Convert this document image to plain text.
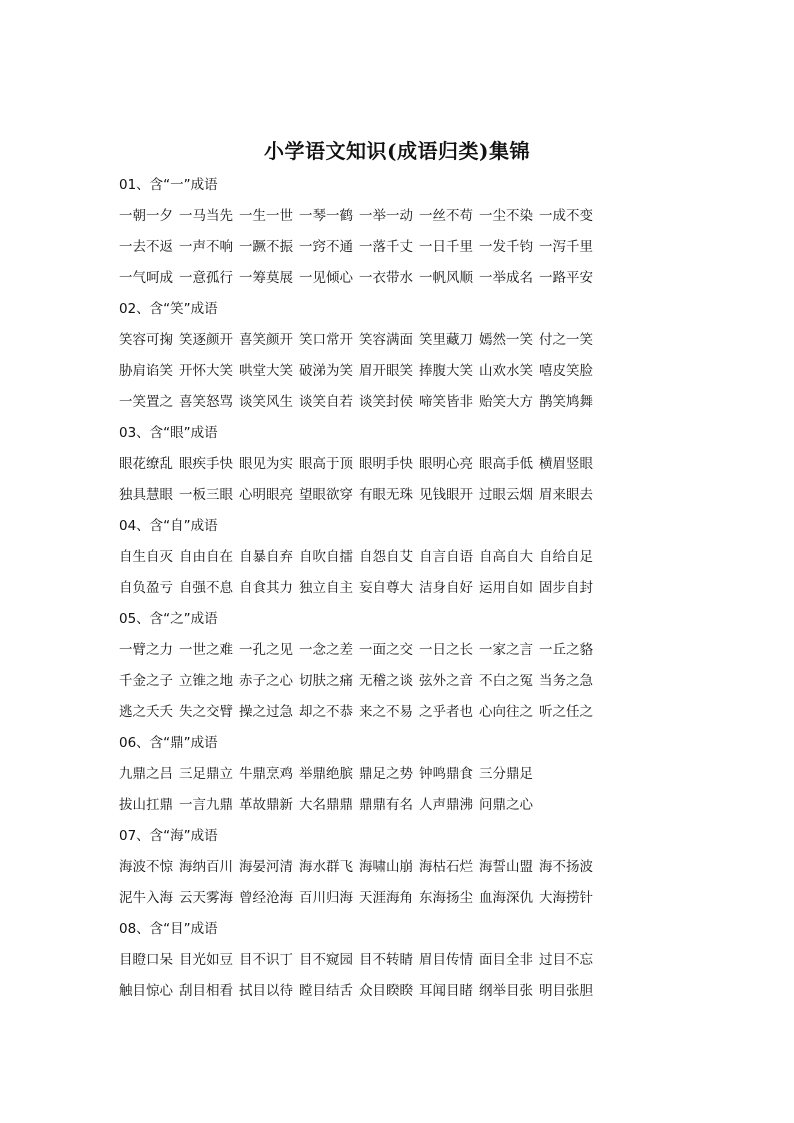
小学语文知识(成语归类)集锦
01、含“一”成语
一朝一夕 一马当先 一生一世 一琴一鹤 一举一动 一丝不苟 一尘不染 一成不变
一去不返 一声不响 一蹶不振 一窍不通 一落千丈 一日千里 一发千钧 一泻千里
一气呵成 一意孤行 一筹莫展 一见倾心 一衣带水 一帆风顺 一举成名 一路平安
02、含“笑”成语
笑容可掬 笑逐颜开 喜笑颜开 笑口常开 笑容满面 笑里藏刀 嫣然一笑 付之一笑
胁肩谄笑 开怀大笑 哄堂大笑 破涕为笑 眉开眼笑 捧腹大笑 山欢水笑 嘻皮笑脸
一笑置之 喜笑怒骂 谈笑风生 谈笑自若 谈笑封侯 啼笑皆非 贻笑大方 鹊笑鸠舞
03、含“眼”成语
眼花缭乱 眼疾手快 眼见为实 眼高于顶 眼明手快 眼明心亮 眼高手低 横眉竖眼
独具慧眼 一板三眼 心明眼亮 望眼欲穿 有眼无珠 见钱眼开 过眼云烟 眉来眼去
04、含“自”成语
自生自灭 自由自在 自暴自弃 自吹自擂 自怨自艾 自言自语 自高自大 自给自足
自负盈亏 自强不息 自食其力 独立自主 妄自尊大 洁身自好 运用自如 固步自封
05、含“之”成语
一臂之力 一世之难 一孔之见 一念之差 一面之交 一日之长 一家之言 一丘之貉
千金之子 立锥之地 赤子之心 切肤之痛 无稽之谈 弦外之音 不白之冤 当务之急
逃之夭夭 失之交臂 操之过急 却之不恭 来之不易 之乎者也 心向往之 听之任之
06、含“鼎”成语
九鼎之吕 三足鼎立 牛鼎烹鸡 举鼎绝膑 鼎足之势 钟鸣鼎食 三分鼎足
拔山扛鼎 一言九鼎 革故鼎新 大名鼎鼎 鼎鼎有名 人声鼎沸 问鼎之心
07、含“海”成语
海波不惊 海纳百川 海晏河清 海水群飞 海啸山崩 海枯石烂 海誓山盟 海不扬波
泥牛入海 云天雾海 曾经沧海 百川归海 天涯海角 东海扬尘 血海深仇 大海捞针
08、含“目”成语
目瞪口呆 目光如豆 目不识丁 目不窥园 目不转睛 眉目传情 面目全非 过目不忘
触目惊心 刮目相看 拭目以待 瞠目结舌 众目睽睽 耳闻目睹 纲举目张 明目张胆
